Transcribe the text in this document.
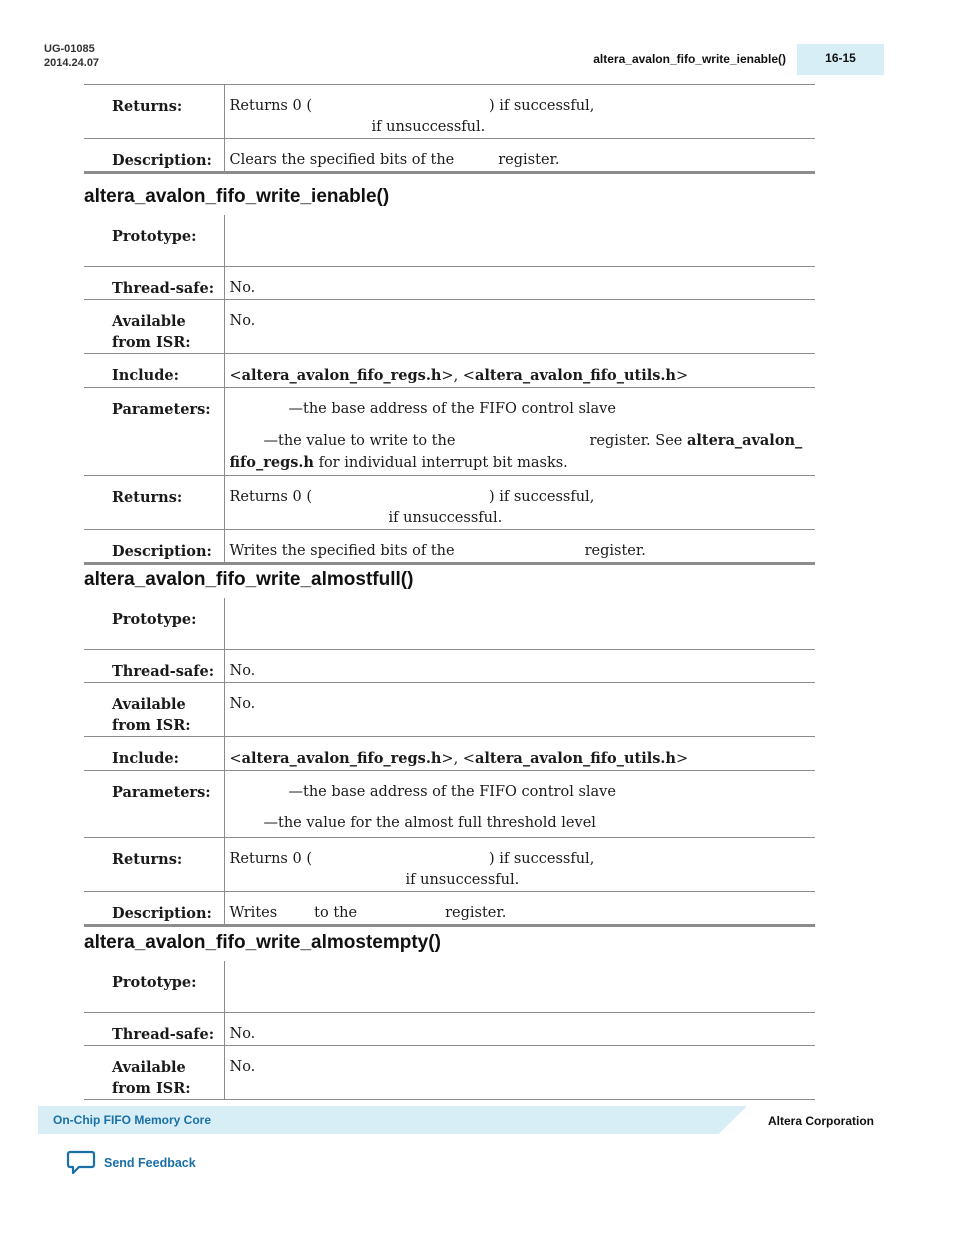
UG-01085
2014.24.07	altera_avalon_fifo_write_ienable()	16-15
Returns:	Returns 0 ( ) if successful,
if unsuccessful.
Description:	Clears the specified bits of the register.
altera_avalon_fifo_write_ienable()
Prototype:	
Thread-safe:	No.
Available
from ISR:	No.
Include:	<altera_avalon_fifo_regs.h>, <altera_avalon_fifo_utils.h>
Parameters:	—the base address of the FIFO control slave
—the value to write to the register. See altera_avalon_
fifo_regs.h for individual interrupt bit masks.

Returns:	Returns 0 ( ) if successful,
if unsuccessful.
Description:	Writes the specified bits of the register.
altera_avalon_fifo_write_almostfull()
Prototype:	
Thread-safe:	No.
Available
from ISR:	No.
Include:	<altera_avalon_fifo_regs.h>, <altera_avalon_fifo_utils.h>
Parameters:	—the base address of the FIFO control slave
—the value for the almost full threshold level

Returns:	Returns 0 ( ) if successful,
if unsuccessful.
Description:	Writes to the register.
altera_avalon_fifo_write_almostempty()
Prototype:	
Thread-safe:	No.
Available
from ISR:	No.
On-Chip FIFO Memory Core	Altera Corporation
Send Feedback
